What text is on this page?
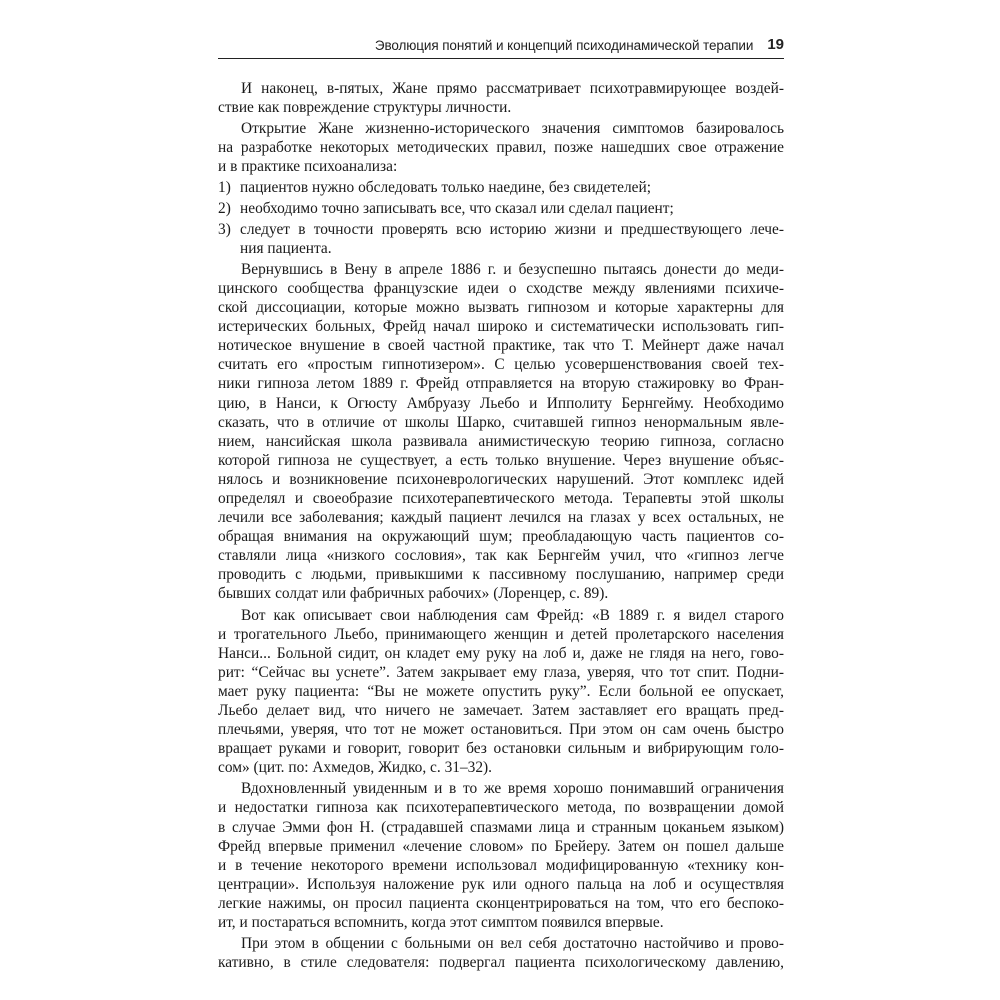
Эволюция понятий и концепций психодинамической терапии 19
И наконец, в-пятых, Жане прямо рассматривает психотравмирующее воздей-
ствие как повреждение структуры личности.
Открытие Жане жизненно-исторического значения симптомов базировалось
на разработке некоторых методических правил, позже нашедших свое отражение
и в практике психоанализа:
1) пациентов нужно обследовать только наедине, без свидетелей;
2) необходимо точно записывать все, что сказал или сделал пациент;
3) следует в точности проверять всю историю жизни и предшествующего лече-
ния пациента.
Вернувшись в Вену в апреле 1886 г. и безуспешно пытаясь донести до меди-
цинского сообщества французские идеи о сходстве между явлениями психиче-
ской диссоциации, которые можно вызвать гипнозом и которые характерны для
истерических больных, Фрейд начал широко и систематически использовать гип-
нотическое внушение в своей частной практике, так что Т. Мейнерт даже начал
считать его «простым гипнотизером». С целью усовершенствования своей тех-
ники гипноза летом 1889 г. Фрейд отправляется на вторую стажировку во Фран-
цию, в Нанси, к Огюсту Амбруазу Льебо и Ипполиту Бернгейму. Необходимо
сказать, что в отличие от школы Шарко, считавшей гипноз ненормальным явле-
нием, нансийская школа развивала анимистическую теорию гипноза, согласно
которой гипноза не существует, а есть только внушение. Через внушение объяс-
нялось и возникновение психоневрологических нарушений. Этот комплекс идей
определял и своеобразие психотерапевтического метода. Терапевты этой школы
лечили все заболевания; каждый пациент лечился на глазах у всех остальных, не
обращая внимания на окружающий шум; преобладающую часть пациентов со-
ставляли лица «низкого сословия», так как Бернгейм учил, что «гипноз легче
проводить с людьми, привыкшими к пассивному послушанию, например среди
бывших солдат или фабричных рабочих» (Лоренцер, с. 89).
Вот как описывает свои наблюдения сам Фрейд: «В 1889 г. я видел старого
и трогательного Льебо, принимающего женщин и детей пролетарского населения
Нанси... Больной сидит, он кладет ему руку на лоб и, даже не глядя на него, гово-
рит: “Сейчас вы уснете”. Затем закрывает ему глаза, уверяя, что тот спит. Подни-
мает руку пациента: “Вы не можете опустить руку”. Если больной ее опускает,
Льебо делает вид, что ничего не замечает. Затем заставляет его вращать пред-
плечьями, уверяя, что тот не может остановиться. При этом он сам очень быстро
вращает руками и говорит, говорит без остановки сильным и вибрирующим голо-
сом» (цит. по: Ахмедов, Жидко, с. 31–32).
Вдохновленный увиденным и в то же время хорошо понимавший ограничения
и недостатки гипноза как психотерапевтического метода, по возвращении домой
в случае Эмми фон Н. (страдавшей спазмами лица и странным цоканьем языком)
Фрейд впервые применил «лечение словом» по Брейеру. Затем он пошел дальше
и в течение некоторого времени использовал модифицированную «технику кон-
центрации». Используя наложение рук или одного пальца на лоб и осуществляя
легкие нажимы, он просил пациента сконцентрироваться на том, что его беспоко-
ит, и постараться вспомнить, когда этот симптом появился впервые.
При этом в общении с больными он вел себя достаточно настойчиво и прово-
кативно, в стиле следователя: подвергал пациента психологическому давлению,
